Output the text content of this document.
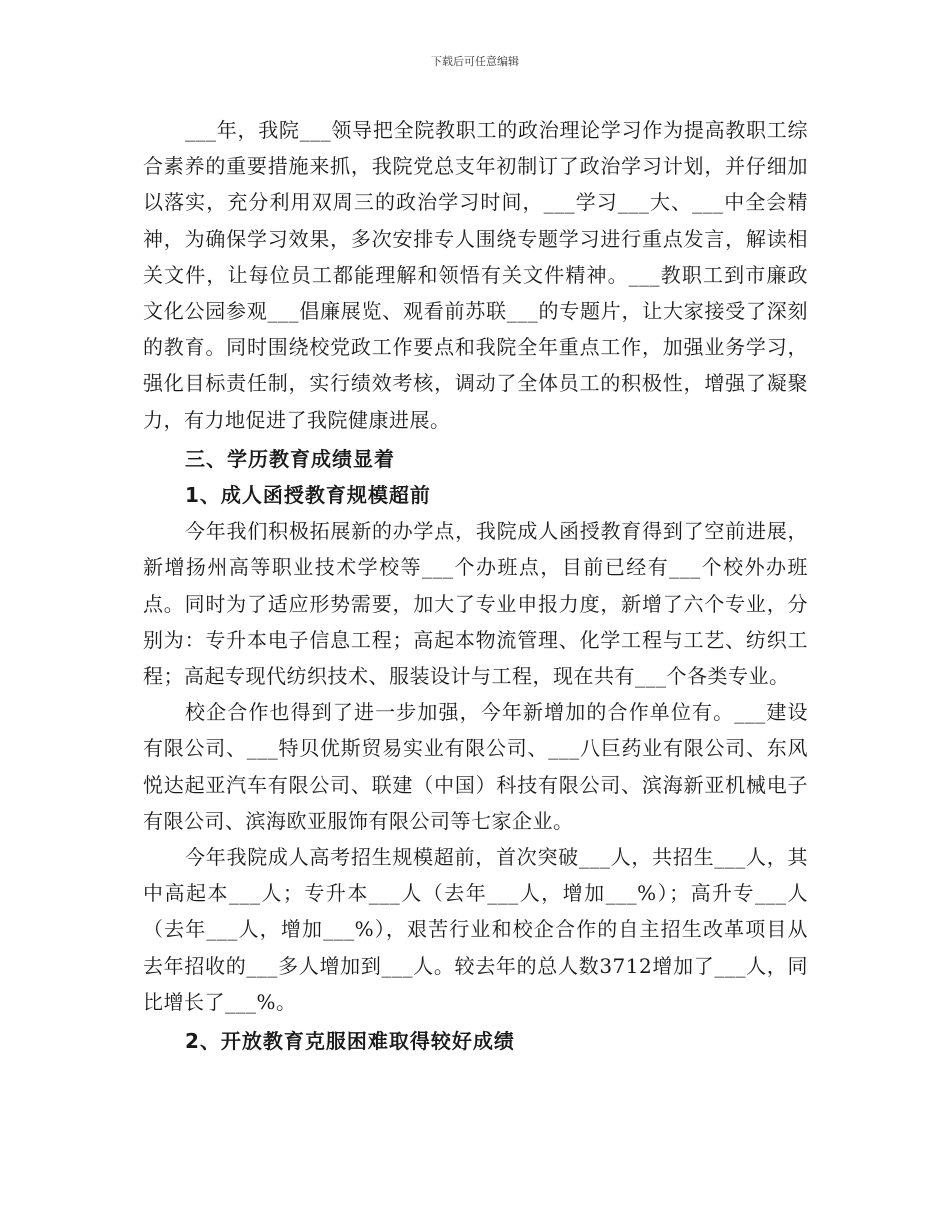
下载后可任意编辑

___年，我院___领导把全院教职工的政治理论学习作为提高教职工综合素养的重要措施来抓，我院党总支年初制订了政治学习计划，并仔细加以落实，充分利用双周三的政治学习时间，___学习___大、___中全会精神，为确保学习效果，多次安排专人围绕专题学习进行重点发言，解读相关文件，让每位员工都能理解和领悟有关文件精神。___教职工到市廉政文化公园参观___倡廉展览、观看前苏联___的专题片，让大家接受了深刻的教育。同时围绕校党政工作要点和我院全年重点工作，加强业务学习，强化目标责任制，实行绩效考核，调动了全体员工的积极性，增强了凝聚力，有力地促进了我院健康进展。

三、学历教育成绩显着
1、成人函授教育规模超前

今年我们积极拓展新的办学点，我院成人函授教育得到了空前进展，新增扬州高等职业技术学校等___个办班点，目前已经有___个校外办班点。同时为了适应形势需要，加大了专业申报力度，新增了六个专业，分别为：专升本电子信息工程；高起本物流管理、化学工程与工艺、纺织工程；高起专现代纺织技术、服装设计与工程，现在共有___个各类专业。

校企合作也得到了进一步加强，今年新增加的合作单位有。___建设有限公司、___特贝优斯贸易实业有限公司、___八巨药业有限公司、东风悦达起亚汽车有限公司、联建（中国）科技有限公司、滨海新亚机械电子有限公司、滨海欧亚服饰有限公司等七家企业。

今年我院成人高考招生规模超前，首次突破___人，共招生___人，其中高起本___人；专升本___人（去年___人，增加___%）；高升专___人（去年___人，增加___%），艰苦行业和校企合作的自主招生改革项目从去年招收的___多人增加到___人。较去年的总人数3712增加了___人，同比增长了___%。

2、开放教育克服困难取得较好成绩
